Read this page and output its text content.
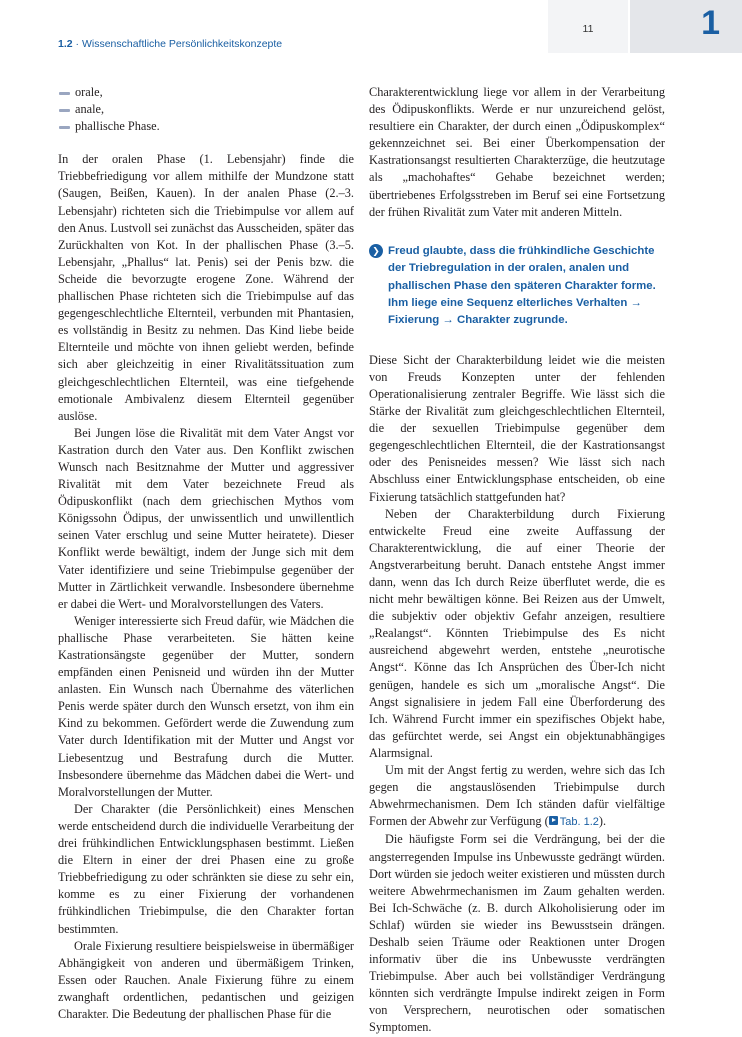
1.2 · Wissenschaftliche Persönlichkeitskonzepte
11	1
orale,
anale,
phallische Phase.

In der oralen Phase (1. Lebensjahr) finde die Triebbefriedigung vor allem mithilfe der Mundzone statt (Saugen, Beißen, Kauen). In der analen Phase (2.–3. Lebensjahr) richteten sich die Triebimpulse vor allem auf den Anus. Lustvoll sei zunächst das Ausscheiden, später das Zurückhalten von Kot. In der phallischen Phase (3.–5. Lebensjahr, „Phallus“ lat. Penis) sei der Penis bzw. die Scheide die bevorzugte erogene Zone. Während der phallischen Phase richteten sich die Triebimpulse auf das gegengeschlechtliche Elternteil, verbunden mit Phantasien, es vollständig in Besitz zu nehmen. Das Kind liebe beide Elternteile und möchte von ihnen geliebt werden, befinde sich aber gleichzeitig in einer Rivalitätssituation zum gleichgeschlechtlichen Elternteil, was eine tiefgehende emotionale Ambivalenz diesem Elternteil gegenüber auslöse.

Bei Jungen löse die Rivalität mit dem Vater Angst vor Kastration durch den Vater aus. Den Konflikt zwischen Wunsch nach Besitznahme der Mutter und aggressiver Rivalität mit dem Vater bezeichnete Freud als Ödipuskonflikt (nach dem griechischen Mythos vom Königssohn Ödipus, der unwissentlich und unwillentlich seinen Vater erschlug und seine Mutter heiratete). Dieser Konflikt werde bewältigt, indem der Junge sich mit dem Vater identifiziere und seine Triebimpulse gegenüber der Mutter in Zärtlichkeit verwandle. Insbesondere übernehme er dabei die Wert- und Moralvorstellungen des Vaters.

Weniger interessierte sich Freud dafür, wie Mädchen die phallische Phase verarbeiteten. Sie hätten keine Kastrationsängste gegenüber der Mutter, sondern empfänden einen Penisneid und würden ihn der Mutter anlasten. Ein Wunsch nach Übernahme des väterlichen Penis werde später durch den Wunsch ersetzt, von ihm ein Kind zu bekommen. Gefördert werde die Zuwendung zum Vater durch Identifikation mit der Mutter und Angst vor Liebesentzug und Bestrafung durch die Mutter. Insbesondere übernehme das Mädchen dabei die Wert- und Moralvorstellungen der Mutter.

Der Charakter (die Persönlichkeit) eines Menschen werde entscheidend durch die individuelle Verarbeitung der drei frühkindlichen Entwicklungsphasen bestimmt. Ließen die Eltern in einer der drei Phasen eine zu große Triebbefriedigung zu oder schränkten sie diese zu sehr ein, komme es zu einer Fixierung der vorhandenen frühkindlichen Triebimpulse, die den Charakter fortan bestimmten.

Orale Fixierung resultiere beispielsweise in übermäßiger Abhängigkeit von anderen und übermäßigem Trinken, Essen oder Rauchen. Anale Fixierung führe zu einem zwanghaft ordentlichen, pedantischen und geizigen Charakter. Die Bedeutung der phallischen Phase für die

Charakterentwicklung liege vor allem in der Verarbeitung des Ödipuskonflikts. Werde er nur unzureichend gelöst, resultiere ein Charakter, der durch einen „Ödipuskomplex“ gekennzeichnet sei. Bei einer Überkompensation der Kastrationsangst resultierten Charakterzüge, die heutzutage als „machohaftes“ Gehabe bezeichnet werden; übertriebenes Erfolgsstreben im Beruf sei eine Fortsetzung der frühen Rivalität zum Vater mit anderen Mitteln.

❯ Freud glaubte, dass die frühkindliche Geschichte der Triebregulation in der oralen, analen und phallischen Phase den späteren Charakter forme. Ihm liege eine Sequenz elterliches Verhalten → Fixierung → Charakter zugrunde.

Diese Sicht der Charakterbildung leidet wie die meisten von Freuds Konzepten unter der fehlenden Operationalisierung zentraler Begriffe. Wie lässt sich die Stärke der Rivalität zum gleichgeschlechtlichen Elternteil, die der sexuellen Triebimpulse gegenüber dem gegengeschlechtlichen Elternteil, die der Kastrationsangst oder des Penisneides messen? Wie lässt sich nach Abschluss einer Entwicklungsphase entscheiden, ob eine Fixierung tatsächlich stattgefunden hat?

Neben der Charakterbildung durch Fixierung entwickelte Freud eine zweite Auffassung der Charakterentwicklung, die auf einer Theorie der Angstverarbeitung beruht. Danach entstehe Angst immer dann, wenn das Ich durch Reize überflutet werde, die es nicht mehr bewältigen könne. Bei Reizen aus der Umwelt, die subjektiv oder objektiv Gefahr anzeigen, resultiere „Realangst“. Könnten Triebimpulse des Es nicht ausreichend abgewehrt werden, entstehe „neurotische Angst“. Könne das Ich Ansprüchen des Über-Ich nicht genügen, handele es sich um „moralische Angst“. Die Angst signalisiere in jedem Fall eine Überforderung des Ich. Während Furcht immer ein spezifisches Objekt habe, das gefürchtet werde, sei Angst ein objektunabhängiges Alarmsignal.

Um mit der Angst fertig zu werden, wehre sich das Ich gegen die angstauslösenden Triebimpulse durch Abwehrmechanismen. Dem Ich ständen dafür vielfältige Formen der Abwehr zur Verfügung ( Tab. 1.2).

Die häufigste Form sei die Verdrängung, bei der die angsterregenden Impulse ins Unbewusste gedrängt würden. Dort würden sie jedoch weiter existieren und müssten durch weitere Abwehrmechanismen im Zaum gehalten werden. Bei Ich-Schwäche (z. B. durch Alkoholisierung oder im Schlaf) würden sie wieder ins Bewusstsein drängen. Deshalb seien Träume oder Reaktionen unter Drogen informativ über die ins Unbewusste verdrängten Triebimpulse. Aber auch bei vollständiger Verdrängung könnten sich verdrängte Impulse indirekt zeigen in Form von Versprechern, neurotischen oder somatischen Symptomen.
